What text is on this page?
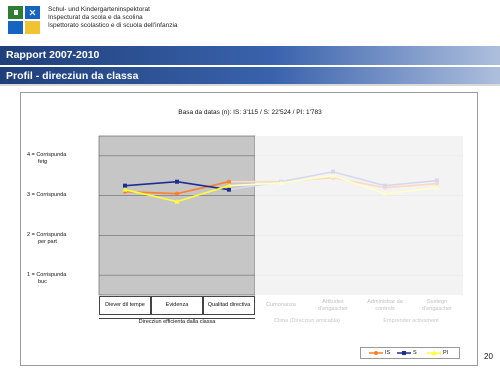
Schul- und Kindergarteninspektorat
Inspecturat da scola e da scolina
Ispettorato scolastico e di scuola dell'infanzia
Rapport 2007-2010
Profil - direcziun da classa
Basa da datas (n): IS: 3'115 / S: 22'524 / PI: 1'783
4 = Corrispunda
fetg
3 = Corrispunda
2 = Corrispunda
per part
1 = Corrispunda
buc
Diever dil tempe	Evidenza	Qualitad directiva	Cumonanza
Attitudes
d'engascher
Administrar da
controls
Sustegn
d'engascher
Direcziun efficienta dalla classa	Clima (Direcziun amicabla)	Emprender activament
IS	S	PI	20
